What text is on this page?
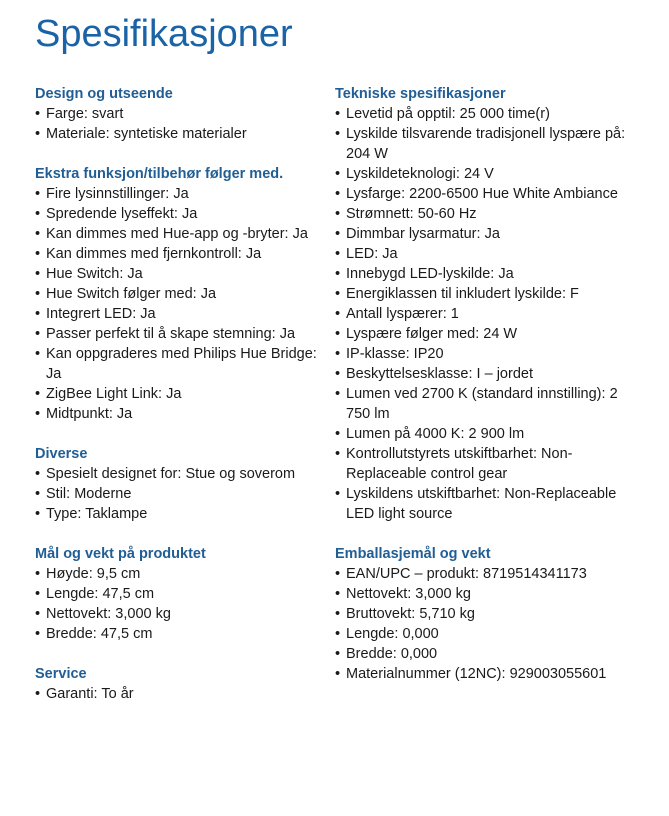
Spesifikasjoner
Design og utseende
• Farge: svart
• Materiale: syntetiske materialer
Ekstra funksjon/tilbehør følger med.
• Fire lysinnstillinger: Ja
• Spredende lyseffekt: Ja
• Kan dimmes med Hue-app og -bryter: Ja
• Kan dimmes med fjernkontroll: Ja
• Hue Switch: Ja
• Hue Switch følger med: Ja
• Integrert LED: Ja
• Passer perfekt til å skape stemning: Ja
• Kan oppgraderes med Philips Hue Bridge: Ja
• ZigBee Light Link: Ja
• Midtpunkt: Ja
Diverse
• Spesielt designet for: Stue og soverom
• Stil: Moderne
• Type: Taklampe
Mål og vekt på produktet
• Høyde: 9,5 cm
• Lengde: 47,5 cm
• Nettovekt: 3,000 kg
• Bredde: 47,5 cm
Service
• Garanti: To år
Tekniske spesifikasjoner
• Levetid på opptil: 25 000 time(r)
• Lyskilde tilsvarende tradisjonell lyspære på: 204 W
• Lyskildeteknologi: 24 V
• Lysfarge: 2200-6500 Hue White Ambiance
• Strømnett: 50-60 Hz
• Dimmbar lysarmatur: Ja
• LED: Ja
• Innebygd LED-lyskilde: Ja
• Energiklassen til inkludert lyskilde: F
• Antall lyspærer: 1
• Lyspære følger med: 24 W
• IP-klasse: IP20
• Beskyttelsesklasse: I – jordet
• Lumen ved 2700 K (standard innstilling): 2 750 lm
• Lumen på 4000 K: 2 900 lm
• Kontrollutstyrets utskiftbarhet: Non-Replaceable control gear
• Lyskildens utskiftbarhet: Non-Replaceable LED light source
Emballasjemål og vekt
• EAN/UPC – produkt: 8719514341173
• Nettovekt: 3,000 kg
• Bruttovekt: 5,710 kg
• Lengde: 0,000
• Bredde: 0,000
• Materialnummer (12NC): 929003055601
